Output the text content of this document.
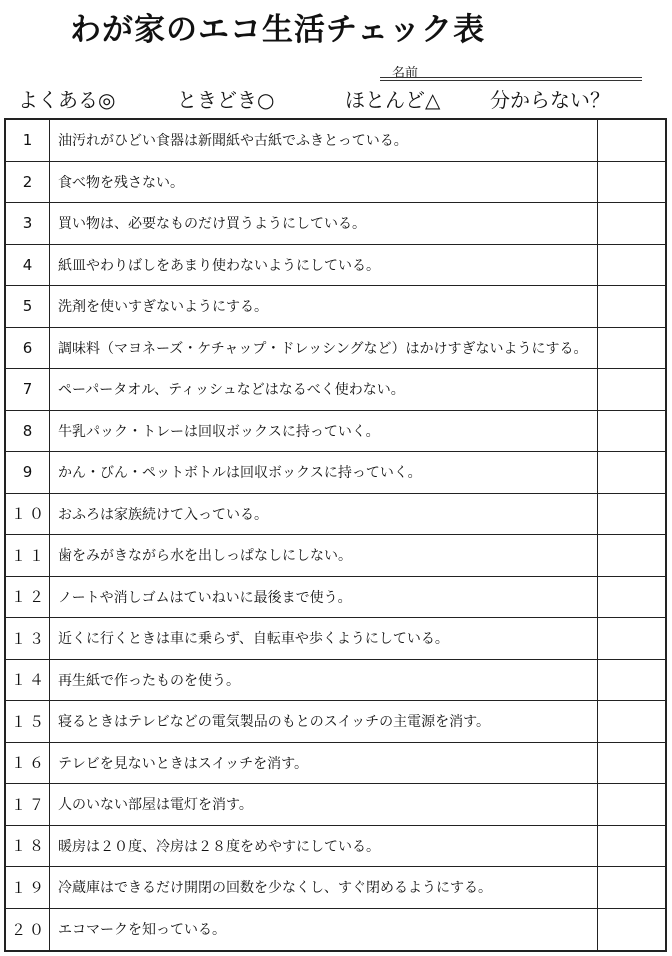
わが家のエコ生活チェック表
名前
よくある◎	ときどき○	ほとんど△ 分からない？
1	油汚れがひどい食器は新聞紙や古紙でふきとっている。
2	食べ物を残さない。
3	買い物は、必要なものだけ買うようにしている。
4	紙皿やわりばしをあまり使わないようにしている。
5	洗剤を使いすぎないようにする。
6	調味料（マヨネーズ・ケチャップ・ドレッシングなど）はかけすぎないようにする。
7	ペーパータオル、ティッシュなどはなるべく使わない。
8	牛乳パック・トレーは回収ボックスに持っていく。
9	かん・びん・ペットボトルは回収ボックスに持っていく。
１０ おふろは家族続けて入っている。
１１ 歯をみがきながら水を出しっぱなしにしない。
１２ ノートや消しゴムはていねいに最後まで使う。
１３ 近くに行くときは車に乗らず、自転車や歩くようにしている。
１４ 再生紙で作ったものを使う。
１５ 寝るときはテレビなどの電気製品のもとのスイッチの主電源を消す。
１６ テレビを見ないときはスイッチを消す。
１７ 人のいない部屋は電灯を消す。
１８ 暖房は２０度、冷房は２８度をめやすにしている。
１９ 冷蔵庫はできるだけ開閉の回数を少なくし、すぐ閉めるようにする。
２０ エコマークを知っている。
